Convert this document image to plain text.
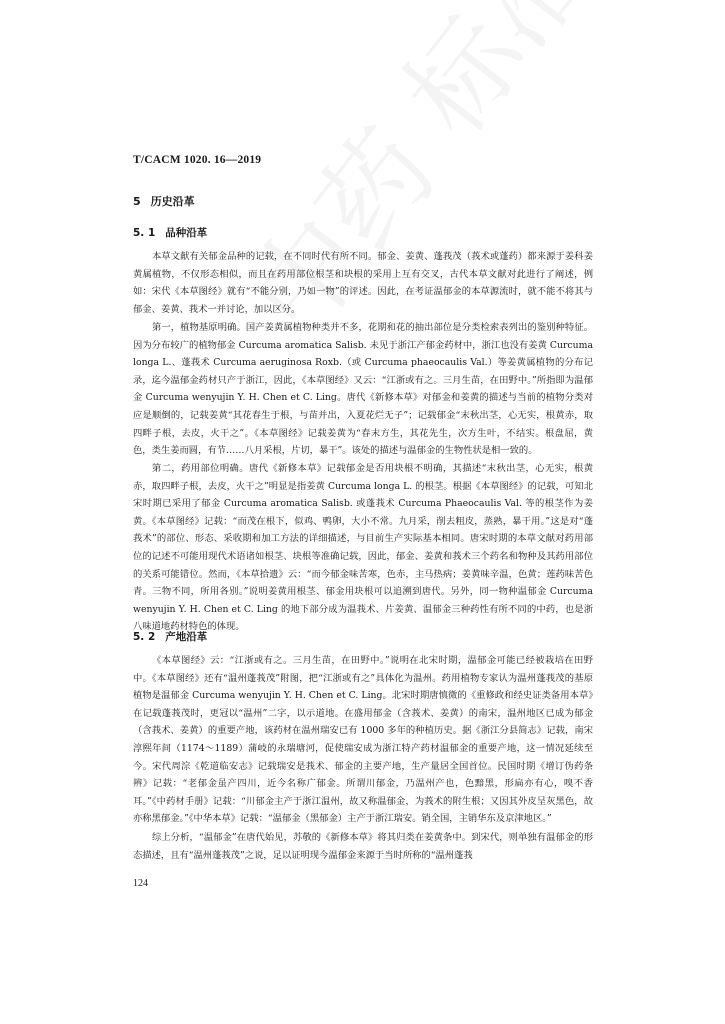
T/CACM 1020. 16—2019
5 历史沿革
5. 1 品种沿革

本草文献有关郁金品种的记载，在不同时代有所不同。郁金、姜黄、蓬莪茂（莪术或蓬药）都来源于姜科姜黄属植物，不仅形态相似，而且在药用部位根茎和块根的采用上互有交叉，古代本草文献对此进行了阐述，例如：宋代《本草图经》就有“不能分别，乃如一物”的评述。因此，在考证温郁金的本草源流时，就不能不将其与郁金、姜黄、莪术一并讨论，加以区分。

第一，植物基原明确。国产姜黄属植物种类并不多，花期和花的抽出部位是分类检索表列出的鉴别种特征。因为分布较广的植物郁金 Curcuma aromatica Salisb. 未见于浙江产郁金药材中，浙江也没有姜黄 Curcuma longa L.、蓬莪术 Curcuma aeruginosa Roxb.（或 Curcuma phaeocaulis Val.）等姜黄属植物的分布记录，迄今温郁金药材只产于浙江，因此，《本草图经》又云：“江浙或有之。三月生苗，在田野中。”所指即为温郁金 Curcuma wenyujin Y. H. Chen et C. Ling。唐代《新修本草》对郁金和姜黄的描述与当前的植物分类对应是顺倒的，记载姜黄“其花春生于根，与苗并出，入夏花烂无子”；记载郁金“末秋出茎，心无实，根黄赤，取四畔子根，去皮，火干之”。《本草图经》记载姜黄为“春末方生，其花先生，次方生叶，不结实。根盘屈，黄色，类生姜而圆，有节……八月采根，片切，暴干”。该处的描述与温郁金的生物性状是相一致的。

第二，药用部位明确。唐代《新修本草》记载郁金是否用块根不明确，其描述“末秋出茎，心无实，根黄赤，取四畔子根，去皮，火干之”明显是指姜黄 Curcuma longa L. 的根茎。根据《本草图经》的记载，可知北宋时期已采用了郁金 Curcuma aromatica Salisb. 或蓬莪术 Curcuma Phaeocaulis Val. 等的根茎作为姜黄。《本草图经》记载：“而茂在根下，似鸡、鸭卵，大小不常。九月采，削去粗皮，蒸熟，暴干用。”这是对“蓬莪术”的部位、形态、采收期和加工方法的详细描述，与目前生产实际基本相同。唐宋时期的本草文献对药用部位的记述不可能用现代术语诸如根茎、块根等准确记载，因此，郁金、姜黄和莪术三个药名和物种及其药用部位的关系可能错位。然而，《本草拾遗》云：“而今郁金味苦寒，色赤，主马热病；姜黄味辛温，色黄；莲药味苦色青。三物不同，所用各别。”说明姜黄用根茎、郁金用块根可以追溯到唐代。另外，同一物种温郁金 Curcuma wenyujin Y. H. Chen et C. Ling 的地下部分成为温莪术、片姜黄、温郁金三种药性有所不同的中药，也是浙八味道地药材特色的体现。

5. 2 产地沿革

《本草图经》云：“江浙或有之。三月生苗，在田野中。”说明在北宋时期，温郁金可能已经被栽培在田野中。《本草图经》还有“温州蓬莪茂”附图，把“江浙或有之”具体化为温州。药用植物专家认为温州蓬莪茂的基原植物是温郁金 Curcuma wenyujin Y. H. Chen et C. Ling。北宋时期唐慎微的《重修政和经史证类备用本草》在记载蓬莪茂时，更冠以“温州”二字，以示道地。在盛用郁金（含莪术、姜黄）的南宋，温州地区已成为郁金（含莪术、姜黄）的重要产地，该药材在温州瑞安已有 1000 多年的种植历史。据《浙江分县简志》记载，南宋淳熙年间（1174～1189）蒲岐的永瑞塘河，促使瑞安成为浙江特产药材温郁金的重要产地，这一情况延续至今。宋代周淙《乾道临安志》记载瑞安是莪术、郁金的主要产地，生产量居全国首位。民国时期《增订伪药条辨》记载：“老郁金虽产四川，近今名称广郁金。所谓川郁金，乃温州产也，色黯黑，形扁亦有心，嗅不香耳。”《中药材手册》记载：“川郁金主产于浙江温州，故又称温郁金，为莪术的附生根；又因其外皮呈灰黑色，故亦称黑郁金。”《中华本草》记载：“温郁金（黑郁金）主产于浙江瑞安。销全国，主销华东及京津地区。”

综上分析，“温郁金”在唐代始见，苏敬的《新修本草》将其归类在姜黄条中。到宋代，则单独有温郁金的形态描述，且有“温州蓬莪茂”之说，足以证明现今温郁金来源于当时所称的“温州蓬莪

124
